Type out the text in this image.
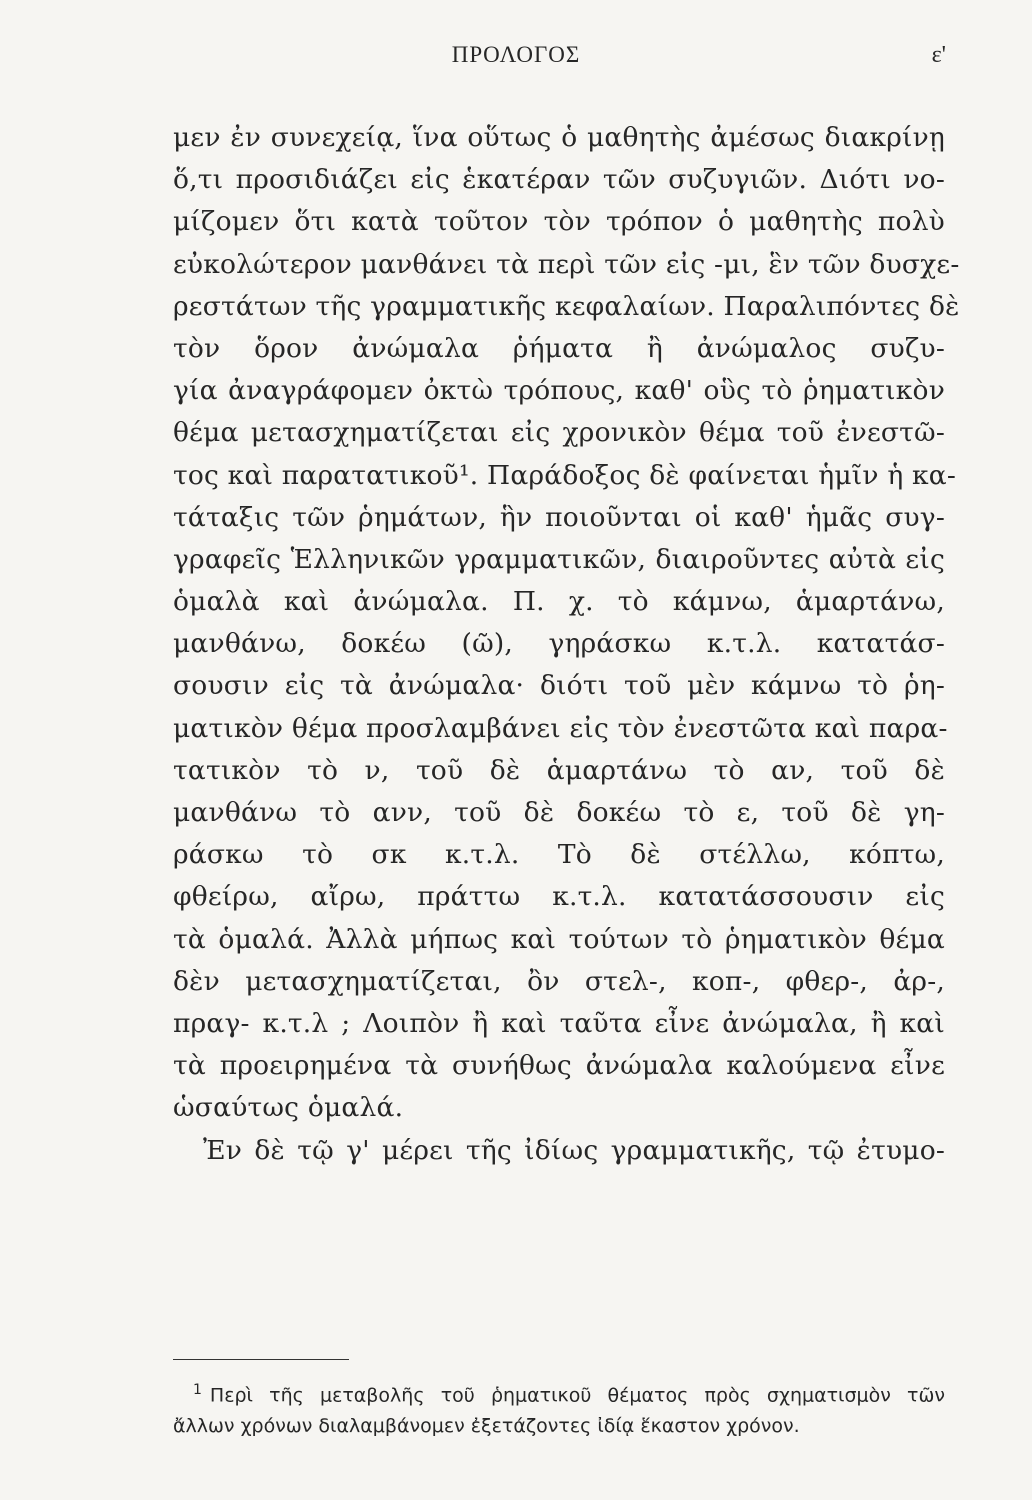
ΠΡΟΛΟΓΟΣ	ε'
μεν ἐν συνεχείᾳ, ἵνα οὕτως ὁ μαθητὴς ἀμέσως διακρίνῃ
ὅ,τι προσιδιάζει εἰς ἑκατέραν τῶν συζυγιῶν. Διότι νο-
μίζομεν ὅτι κατὰ τοῦτον τὸν τρόπον ὁ μαθητὴς πολὺ
εὐκολώτερον μανθάνει τὰ περὶ τῶν εἰς -μι, ἓν τῶν δυσχε-
ρεστάτων τῆς γραμματικῆς κεφαλαίων. Παραλιπόντες δὲ
τὸν ὅρον ἀνώμαλα ῥήματα ἢ ἀνώμαλος συζυ-
γία ἀναγράφομεν ὀκτὼ τρόπους, καθ' οὓς τὸ ῥηματικὸν
θέμα μετασχηματίζεται εἰς χρονικὸν θέμα τοῦ ἐνεστῶ-
τος καὶ παρατατικοῦ¹. Παράδοξος δὲ φαίνεται ἡμῖν ἡ κα-
τάταξις τῶν ῥημάτων, ἣν ποιοῦνται οἱ καθ' ἡμᾶς συγ-
γραφεῖς Ἑλληνικῶν γραμματικῶν, διαιροῦντες αὐτὰ εἰς
ὁμαλὰ καὶ ἀνώμαλα. Π. χ. τὸ κάμνω, ἁμαρτάνω,
μανθάνω, δοκέω (ῶ), γηράσκω κ.τ.λ. κατατάσ-
σουσιν εἰς τὰ ἀνώμαλα· διότι τοῦ μὲν κάμνω τὸ ῥη-
ματικὸν θέμα προσλαμβάνει εἰς τὸν ἐνεστῶτα καὶ παρα-
τατικὸν τὸ ν, τοῦ δὲ ἁμαρτάνω τὸ αν, τοῦ δὲ
μανθάνω τὸ ανν, τοῦ δὲ δοκέω τὸ ε, τοῦ δὲ γη-
ράσκω τὸ σκ κ.τ.λ. Τὸ δὲ στέλλω, κόπτω,
φθείρω, αἴρω, πράττω κ.τ.λ. κατατάσσουσιν εἰς
τὰ ὁμαλά. Ἀλλὰ μήπως καὶ τούτων τὸ ῥηματικὸν θέμα
δὲν μετασχηματίζεται, ὂν στελ-, κοπ-, φθερ-, ἀρ-,
πραγ- κ.τ.λ ; Λοιπὸν ἢ καὶ ταῦτα εἶνε ἀνώμαλα, ἢ καὶ
τὰ προειρημένα τὰ συνήθως ἀνώμαλα καλούμενα εἶνε
ὡσαύτως ὁμαλά.
Ἐν δὲ τῷ γ' μέρει τῆς ἰδίως γραμματικῆς, τῷ ἐτυμο-
$^1$ Περὶ τῆς μεταβολῆς τοῦ ῥηματικοῦ θέματος πρὸς σχηματισμὸν τῶν
ἄλλων χρόνων διαλαμβάνομεν ἐξετάζοντες ἰδίᾳ ἕκαστον χρόνον.
